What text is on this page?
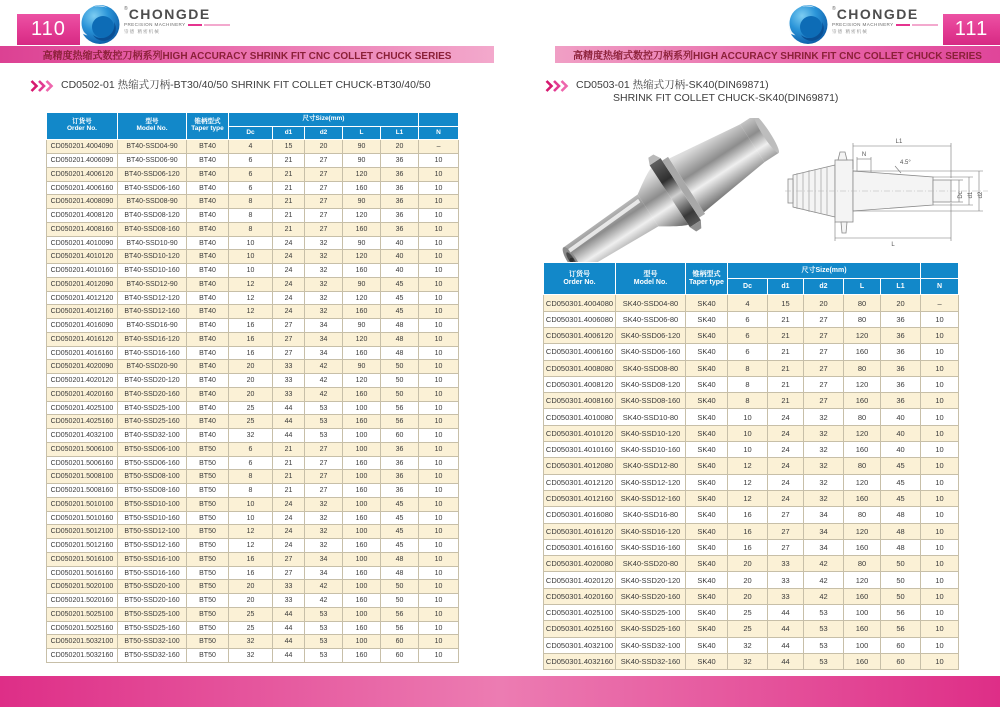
110
® CHONGDE
PRECISION MACHINERY
崇德 精密机械
高精度热缩式数控刀柄系列HIGH ACCURACY SHRINK FIT CNC COLLET CHUCK SERIES
CD0502-01 热缩式刀柄-BT30/40/50 SHRINK FIT COLLET CHUCK-BT30/40/50
订货号
Order No.	型号
Model No.	锥柄型式
Taper type	尺寸Size(mm)					
			Dc	d1	d2	L	L1	N
CD050201.4004090	BT40-SSD04-90	BT40	4	15	20	90	20	–
CD050201.4006090	BT40-SSD06-90	BT40	6	21	27	90	36	10
CD050201.4006120	BT40-SSD06-120	BT40	6	21	27	120	36	10
CD050201.4006160	BT40-SSD06-160	BT40	6	21	27	160	36	10
CD050201.4008090	BT40-SSD08-90	BT40	8	21	27	90	36	10
CD050201.4008120	BT40-SSD08-120	BT40	8	21	27	120	36	10
CD050201.4008160	BT40-SSD08-160	BT40	8	21	27	160	36	10
CD050201.4010090	BT40-SSD10-90	BT40	10	24	32	90	40	10
CD050201.4010120	BT40-SSD10-120	BT40	10	24	32	120	40	10
CD050201.4010160	BT40-SSD10-160	BT40	10	24	32	160	40	10
CD050201.4012090	BT40-SSD12-90	BT40	12	24	32	90	45	10
CD050201.4012120	BT40-SSD12-120	BT40	12	24	32	120	45	10
CD050201.4012160	BT40-SSD12-160	BT40	12	24	32	160	45	10
CD050201.4016090	BT40-SSD16-90	BT40	16	27	34	90	48	10
CD050201.4016120	BT40-SSD16-120	BT40	16	27	34	120	48	10
CD050201.4016160	BT40-SSD16-160	BT40	16	27	34	160	48	10
CD050201.4020090	BT40-SSD20-90	BT40	20	33	42	90	50	10
CD050201.4020120	BT40-SSD20-120	BT40	20	33	42	120	50	10
CD050201.4020160	BT40-SSD20-160	BT40	20	33	42	160	50	10
CD050201.4025100	BT40-SSD25-100	BT40	25	44	53	100	56	10
CD050201.4025160	BT40-SSD25-160	BT40	25	44	53	160	56	10
CD050201.4032100	BT40-SSD32-100	BT40	32	44	53	100	60	10
CD050201.5006100	BT50-SSD06-100	BT50	6	21	27	100	36	10
CD050201.5006160	BT50-SSD06-160	BT50	6	21	27	160	36	10
CD050201.5008100	BT50-SSD08-100	BT50	8	21	27	100	36	10
CD050201.5008160	BT50-SSD08-160	BT50	8	21	27	160	36	10
CD050201.5010100	BT50-SSD10-100	BT50	10	24	32	100	45	10
CD050201.5010160	BT50-SSD10-160	BT50	10	24	32	160	45	10
CD050201.5012100	BT50-SSD12-100	BT50	12	24	32	100	45	10
CD050201.5012160	BT50-SSD12-160	BT50	12	24	32	160	45	10
CD050201.5016100	BT50-SSD16-100	BT50	16	27	34	100	48	10
CD050201.5016160	BT50-SSD16-160	BT50	16	27	34	160	48	10
CD050201.5020100	BT50-SSD20-100	BT50	20	33	42	100	50	10
CD050201.5020160	BT50-SSD20-160	BT50	20	33	42	160	50	10
CD050201.5025100	BT50-SSD25-100	BT50	25	44	53	100	56	10
CD050201.5025160	BT50-SSD25-160	BT50	25	44	53	160	56	10
CD050201.5032100	BT50-SSD32-100	BT50	32	44	53	100	60	10
CD050201.5032160	BT50-SSD32-160	BT50	32	44	53	160	60	10
111
® CHONGDE
PRECISION MACHINERY
崇德 精密机械
高精度热缩式数控刀柄系列HIGH ACCURACY SHRINK FIT CNC COLLET CHUCK SERIES
CD0503-01 热缩式刀柄-SK40(DIN69871)
SHRINK FIT COLLET CHUCK-SK40(DIN69871)
L1
N
4.5°
L
Dc d1 d2
订货号
Order No.	型号
Model No.	锥柄型式
Taper type	尺寸Size(mm)					
			Dc	d1	d2	L	L1	N
CD050301.4004080	SK40-SSD04-80	SK40	4	15	20	80	20	–
CD050301.4006080	SK40-SSD06-80	SK40	6	21	27	80	36	10
CD050301.4006120	SK40-SSD06-120	SK40	6	21	27	120	36	10
CD050301.4006160	SK40-SSD06-160	SK40	6	21	27	160	36	10
CD050301.4008080	SK40-SSD08-80	SK40	8	21	27	80	36	10
CD050301.4008120	SK40-SSD08-120	SK40	8	21	27	120	36	10
CD050301.4008160	SK40-SSD08-160	SK40	8	21	27	160	36	10
CD050301.4010080	SK40-SSD10-80	SK40	10	24	32	80	40	10
CD050301.4010120	SK40-SSD10-120	SK40	10	24	32	120	40	10
CD050301.4010160	SK40-SSD10-160	SK40	10	24	32	160	40	10
CD050301.4012080	SK40-SSD12-80	SK40	12	24	32	80	45	10
CD050301.4012120	SK40-SSD12-120	SK40	12	24	32	120	45	10
CD050301.4012160	SK40-SSD12-160	SK40	12	24	32	160	45	10
CD050301.4016080	SK40-SSD16-80	SK40	16	27	34	80	48	10
CD050301.4016120	SK40-SSD16-120	SK40	16	27	34	120	48	10
CD050301.4016160	SK40-SSD16-160	SK40	16	27	34	160	48	10
CD050301.4020080	SK40-SSD20-80	SK40	20	33	42	80	50	10
CD050301.4020120	SK40-SSD20-120	SK40	20	33	42	120	50	10
CD050301.4020160	SK40-SSD20-160	SK40	20	33	42	160	50	10
CD050301.4025100	SK40-SSD25-100	SK40	25	44	53	100	56	10
CD050301.4025160	SK40-SSD25-160	SK40	25	44	53	160	56	10
CD050301.4032100	SK40-SSD32-100	SK40	32	44	53	100	60	10
CD050301.4032160	SK40-SSD32-160	SK40	32	44	53	160	60	10
